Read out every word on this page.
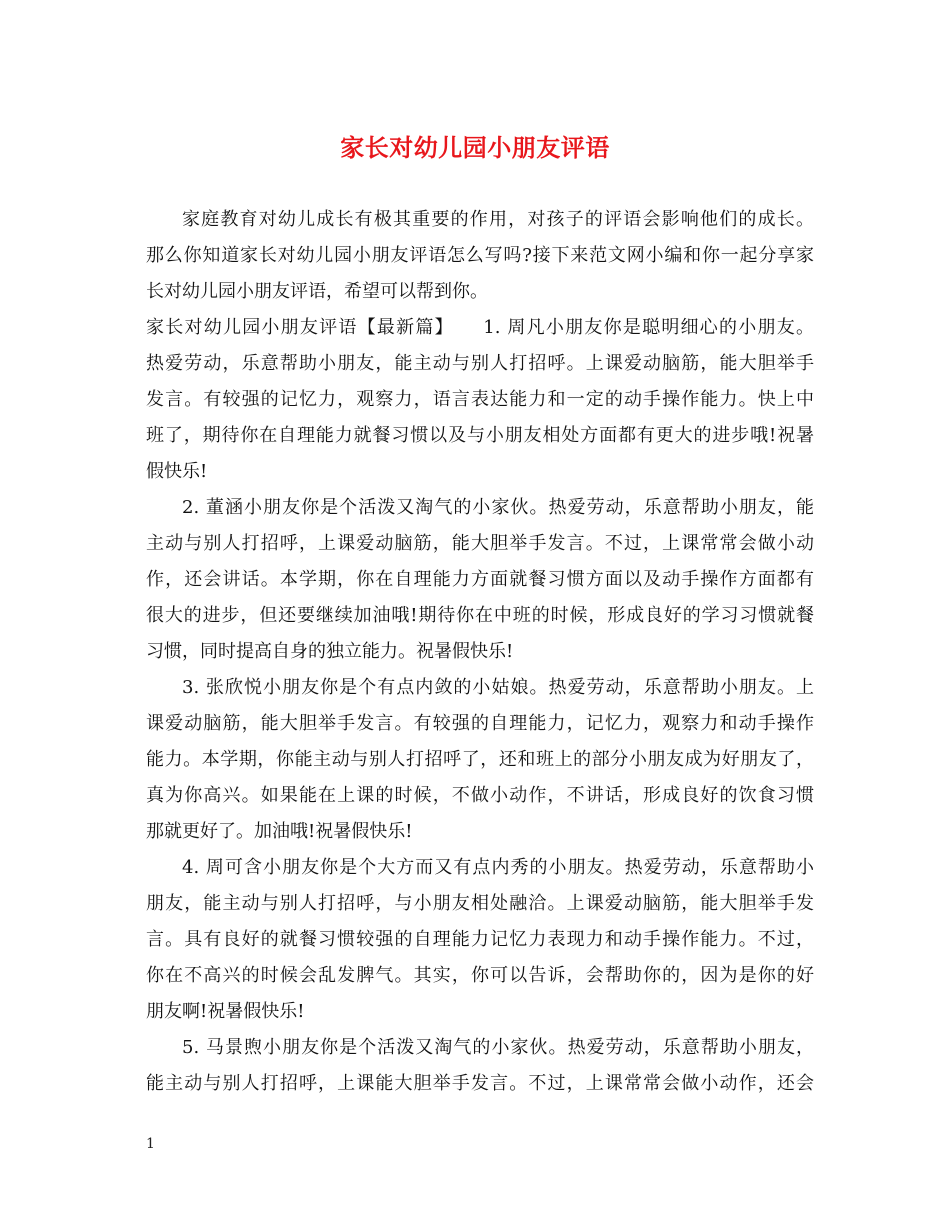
家长对幼儿园小朋友评语
家庭教育对幼儿成长有极其重要的作用，对孩子的评语会影响他们的成长。
那么你知道家长对幼儿园小朋友评语怎么写吗?接下来范文网小编和你一起分享家
长对幼儿园小朋友评语，希望可以帮到你。
家长对幼儿园小朋友评语【最新篇】　　1. 周凡小朋友你是聪明细心的小朋友。
热爱劳动，乐意帮助小朋友，能主动与别人打招呼。上课爱动脑筋，能大胆举手
发言。有较强的记忆力，观察力，语言表达能力和一定的动手操作能力。快上中
班了，期待你在自理能力就餐习惯以及与小朋友相处方面都有更大的进步哦!祝暑
假快乐!
2. 董涵小朋友你是个活泼又淘气的小家伙。热爱劳动，乐意帮助小朋友，能
主动与别人打招呼，上课爱动脑筋，能大胆举手发言。不过，上课常常会做小动
作，还会讲话。本学期，你在自理能力方面就餐习惯方面以及动手操作方面都有
很大的进步，但还要继续加油哦!期待你在中班的时候，形成良好的学习习惯就餐
习惯，同时提高自身的独立能力。祝暑假快乐!
3. 张欣悦小朋友你是个有点内敛的小姑娘。热爱劳动，乐意帮助小朋友。上
课爱动脑筋，能大胆举手发言。有较强的自理能力，记忆力，观察力和动手操作
能力。本学期，你能主动与别人打招呼了，还和班上的部分小朋友成为好朋友了，
真为你高兴。如果能在上课的时候，不做小动作，不讲话，形成良好的饮食习惯
那就更好了。加油哦!祝暑假快乐!
4. 周可含小朋友你是个大方而又有点内秀的小朋友。热爱劳动，乐意帮助小
朋友，能主动与别人打招呼，与小朋友相处融洽。上课爱动脑筋，能大胆举手发
言。具有良好的就餐习惯较强的自理能力记忆力表现力和动手操作能力。不过，
你在不高兴的时候会乱发脾气。其实，你可以告诉，会帮助你的，因为是你的好
朋友啊!祝暑假快乐!
5. 马景煦小朋友你是个活泼又淘气的小家伙。热爱劳动，乐意帮助小朋友，
能主动与别人打招呼，上课能大胆举手发言。不过，上课常常会做小动作，还会
1
